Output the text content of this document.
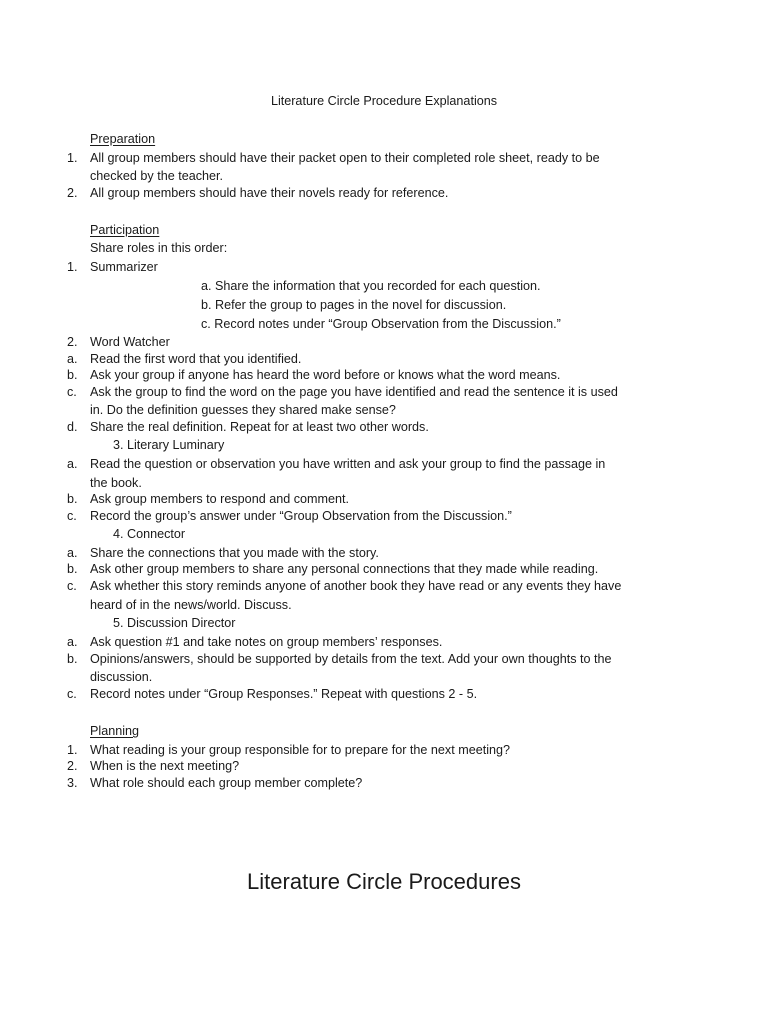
Literature Circle Procedure Explanations
Preparation
1. All group members should have their packet open to their completed role sheet, ready to be
checked by the teacher.
2. All group members should have their novels ready for reference.
Participation
Share roles in this order:
1. Summarizer
a. Share the information that you recorded for each question.
b. Refer the group to pages in the novel for discussion.
c. Record notes under “Group Observation from the Discussion.”
2. Word Watcher
a. Read the first word that you identified.
b. Ask your group if anyone has heard the word before or knows what the word means.
c. Ask the group to find the word on the page you have identified and read the sentence it is used
in. Do the definition guesses they shared make sense?
d. Share the real definition. Repeat for at least two other words.
3. Literary Luminary
a. Read the question or observation you have written and ask your group to find the passage in
the book.
b. Ask group members to respond and comment.
c. Record the group’s answer under “Group Observation from the Discussion.”
4. Connector
a. Share the connections that you made with the story.
b. Ask other group members to share any personal connections that they made while reading.
c. Ask whether this story reminds anyone of another book they have read or any events they have
heard of in the news/world. Discuss.
5. Discussion Director
a. Ask question #1 and take notes on group members’ responses.
b. Opinions/answers, should be supported by details from the text. Add your own thoughts to the
discussion.
c. Record notes under “Group Responses.” Repeat with questions 2 - 5.
Planning
1. What reading is your group responsible for to prepare for the next meeting?
2. When is the next meeting?
3. What role should each group member complete?
Literature Circle Procedures
